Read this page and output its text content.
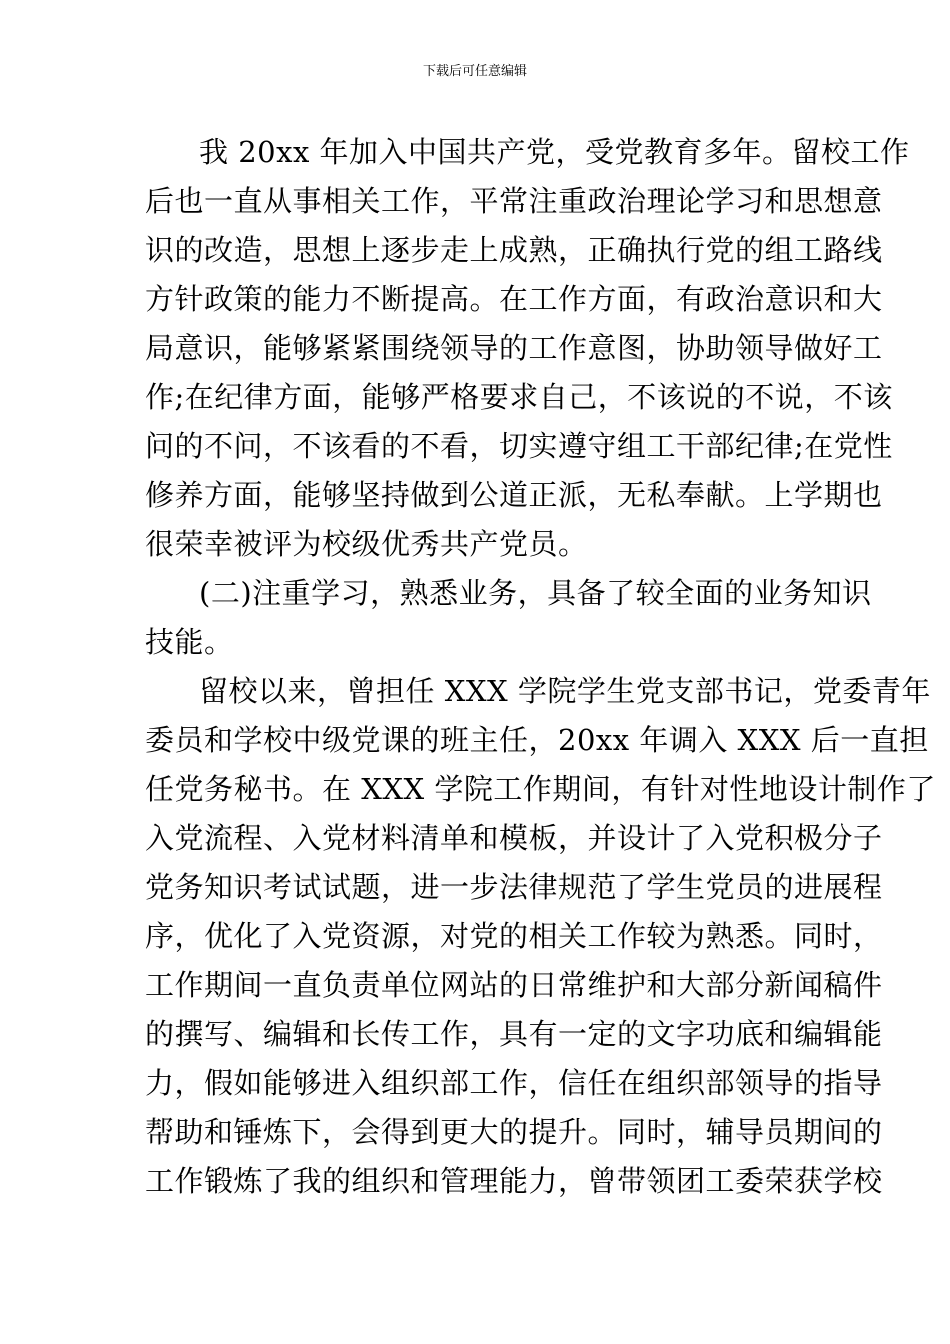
下载后可任意编辑
我 20xx 年加入中国共产党，受党教育多年。留校工作
后也一直从事相关工作，平常注重政治理论学习和思想意
识的改造，思想上逐步走上成熟，正确执行党的组工路线
方针政策的能力不断提高。在工作方面，有政治意识和大
局意识，能够紧紧围绕领导的工作意图，协助领导做好工
作;在纪律方面，能够严格要求自己，不该说的不说，不该
问的不问，不该看的不看，切实遵守组工干部纪律;在党性
修养方面，能够坚持做到公道正派，无私奉献。上学期也
很荣幸被评为校级优秀共产党员。
(二)注重学习，熟悉业务，具备了较全面的业务知识
技能。
留校以来，曾担任 XXX 学院学生党支部书记，党委青年
委员和学校中级党课的班主任，20xx 年调入 XXX 后一直担
任党务秘书。在 XXX 学院工作期间，有针对性地设计制作了
入党流程、入党材料清单和模板，并设计了入党积极分子
党务知识考试试题，进一步法律规范了学生党员的进展程
序，优化了入党资源，对党的相关工作较为熟悉。同时，
工作期间一直负责单位网站的日常维护和大部分新闻稿件
的撰写、编辑和长传工作，具有一定的文字功底和编辑能
力，假如能够进入组织部工作，信任在组织部领导的指导
帮助和锤炼下，会得到更大的提升。同时，辅导员期间的
工作锻炼了我的组织和管理能力，曾带领团工委荣获学校
